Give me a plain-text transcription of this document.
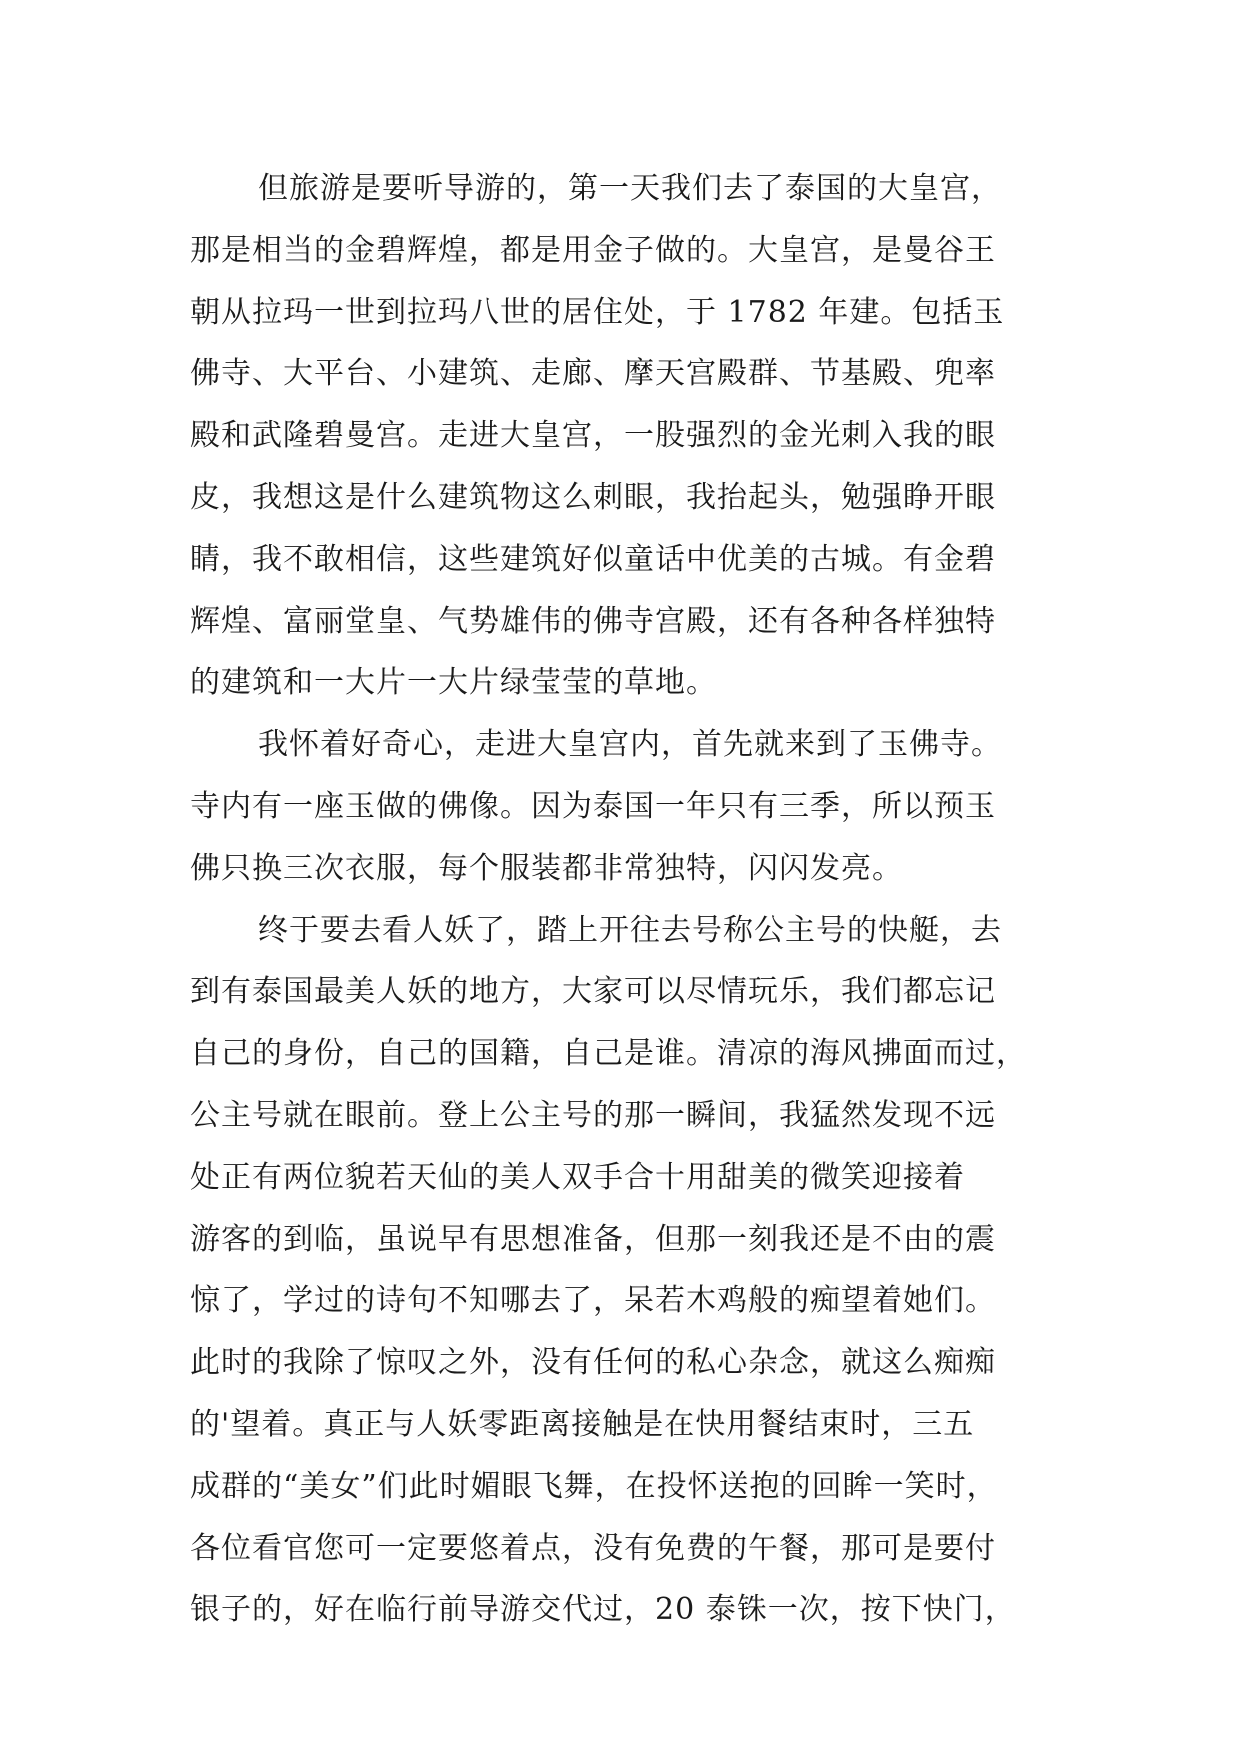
但旅游是要听导游的，第一天我们去了泰国的大皇宫，
那是相当的金碧辉煌，都是用金子做的。大皇宫，是曼谷王
朝从拉玛一世到拉玛八世的居住处，于 1782 年建。包括玉
佛寺、大平台、小建筑、走廊、摩天宫殿群、节基殿、兜率
殿和武隆碧曼宫。走进大皇宫，一股强烈的金光刺入我的眼
皮，我想这是什么建筑物这么刺眼，我抬起头，勉强睁开眼
睛，我不敢相信，这些建筑好似童话中优美的古城。有金碧
辉煌、富丽堂皇、气势雄伟的佛寺宫殿，还有各种各样独特
的建筑和一大片一大片绿莹莹的草地。
我怀着好奇心，走进大皇宫内，首先就来到了玉佛寺。
寺内有一座玉做的佛像。因为泰国一年只有三季，所以预玉
佛只换三次衣服，每个服装都非常独特，闪闪发亮。
终于要去看人妖了，踏上开往去号称公主号的快艇，去
到有泰国最美人妖的地方，大家可以尽情玩乐，我们都忘记
自己的身份，自己的国籍，自己是谁。清凉的海风拂面而过，
公主号就在眼前。登上公主号的那一瞬间，我猛然发现不远
处正有两位貌若天仙的美人双手合十用甜美的微笑迎接着
游客的到临，虽说早有思想准备，但那一刻我还是不由的震
惊了，学过的诗句不知哪去了，呆若木鸡般的痴望着她们。
此时的我除了惊叹之外，没有任何的私心杂念，就这么痴痴
的'望着。真正与人妖零距离接触是在快用餐结束时，三五
成群的“美女”们此时媚眼飞舞，在投怀送抱的回眸一笑时，
各位看官您可一定要悠着点，没有免费的午餐，那可是要付
银子的，好在临行前导游交代过，20 泰铢一次，按下快门，
